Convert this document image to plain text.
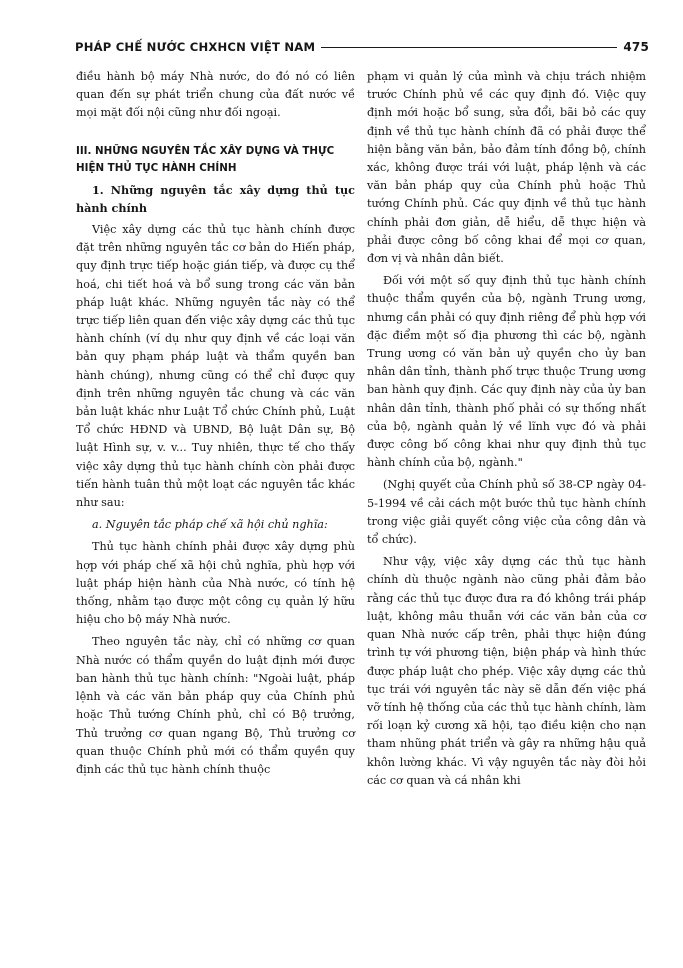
PHÁP CHẾ NƯỚC CHXHCN VIỆT NAM	475

điều hành bộ máy Nhà nước, do đó nó có liên quan đến sự phát triển chung của đất nước về mọi mặt đối nội cũng như đối ngoại.

III. NHỮNG NGUYÊN TẮC XÂY DỰNG VÀ THỰC HIỆN THỦ TỤC HÀNH CHÍNH

1. Những nguyên tắc xây dựng thủ tục hành chính

Việc xây dựng các thủ tục hành chính được đặt trên những nguyên tắc cơ bản do Hiến pháp, quy định trực tiếp hoặc gián tiếp, và được cụ thể hoá, chi tiết hoá và bổ sung trong các văn bản pháp luật khác. Những nguyên tắc này có thể trực tiếp liên quan đến việc xây dựng các thủ tục hành chính (ví dụ như quy định về các loại văn bản quy phạm pháp luật và thẩm quyền ban hành chúng), nhưng cũng có thể chỉ được quy định trên những nguyên tắc chung và các văn bản luật khác như Luật Tổ chức Chính phủ, Luật Tổ chức HĐND và UBND, Bộ luật Dân sự, Bộ luật Hình sự, v. v... Tuy nhiên, thực tế cho thấy việc xây dựng thủ tục hành chính còn phải được tiến hành tuân thủ một loạt các nguyên tắc khác như sau:

a. Nguyên tắc pháp chế xã hội chủ nghĩa:

Thủ tục hành chính phải được xây dựng phù hợp với pháp chế xã hội chủ nghĩa, phù hợp với luật pháp hiện hành của Nhà nước, có tính hệ thống, nhằm tạo được một công cụ quản lý hữu hiệu cho bộ máy Nhà nước.

Theo nguyên tắc này, chỉ có những cơ quan Nhà nước có thẩm quyền do luật định mới được ban hành thủ tục hành chính: "Ngoài luật, pháp lệnh và các văn bản pháp quy của Chính phủ hoặc Thủ tướng Chính phủ, chỉ có Bộ trưởng, Thủ trưởng cơ quan ngang Bộ, Thủ trưởng cơ quan thuộc Chính phủ mới có thẩm quyền quy định các thủ tục hành chính thuộc

phạm vi quản lý của mình và chịu trách nhiệm trước Chính phủ về các quy định đó. Việc quy định mới hoặc bổ sung, sửa đổi, bãi bỏ các quy định về thủ tục hành chính đã có phải được thể hiện bằng văn bản, bảo đảm tính đồng bộ, chính xác, không được trái với luật, pháp lệnh và các văn bản pháp quy của Chính phủ hoặc Thủ tướng Chính phủ. Các quy định về thủ tục hành chính phải đơn giản, dễ hiểu, dễ thực hiện và phải được công bố công khai để mọi cơ quan, đơn vị và nhân dân biết.

Đối với một số quy định thủ tục hành chính thuộc thẩm quyền của bộ, ngành Trung ương, nhưng cần phải có quy định riêng để phù hợp với đặc điểm một số địa phương thì các bộ, ngành Trung ương có văn bản uỷ quyền cho ủy ban nhân dân tỉnh, thành phố trực thuộc Trung ương ban hành quy định. Các quy định này của ủy ban nhân dân tỉnh, thành phố phải có sự thống nhất của bộ, ngành quản lý về lĩnh vực đó và phải được công bố công khai như quy định thủ tục hành chính của bộ, ngành."

(Nghị quyết của Chính phủ số 38-CP ngày 04-5-1994 về cải cách một bước thủ tục hành chính trong việc giải quyết công việc của công dân và tổ chức).

Như vậy, việc xây dựng các thủ tục hành chính dù thuộc ngành nào cũng phải đảm bảo rằng các thủ tục được đưa ra đó không trái pháp luật, không mâu thuẫn với các văn bản của cơ quan Nhà nước cấp trên, phải thực hiện đúng trình tự với phương tiện, biện pháp và hình thức được pháp luật cho phép. Việc xây dựng các thủ tục trái với nguyên tắc này sẽ dẫn đến việc phá vỡ tính hệ thống của các thủ tục hành chính, làm rối loạn kỷ cương xã hội, tạo điều kiện cho nạn tham nhũng phát triển và gây ra những hậu quả khôn lường khác. Vì vậy nguyên tắc này đòi hỏi các cơ quan và cá nhân khi
